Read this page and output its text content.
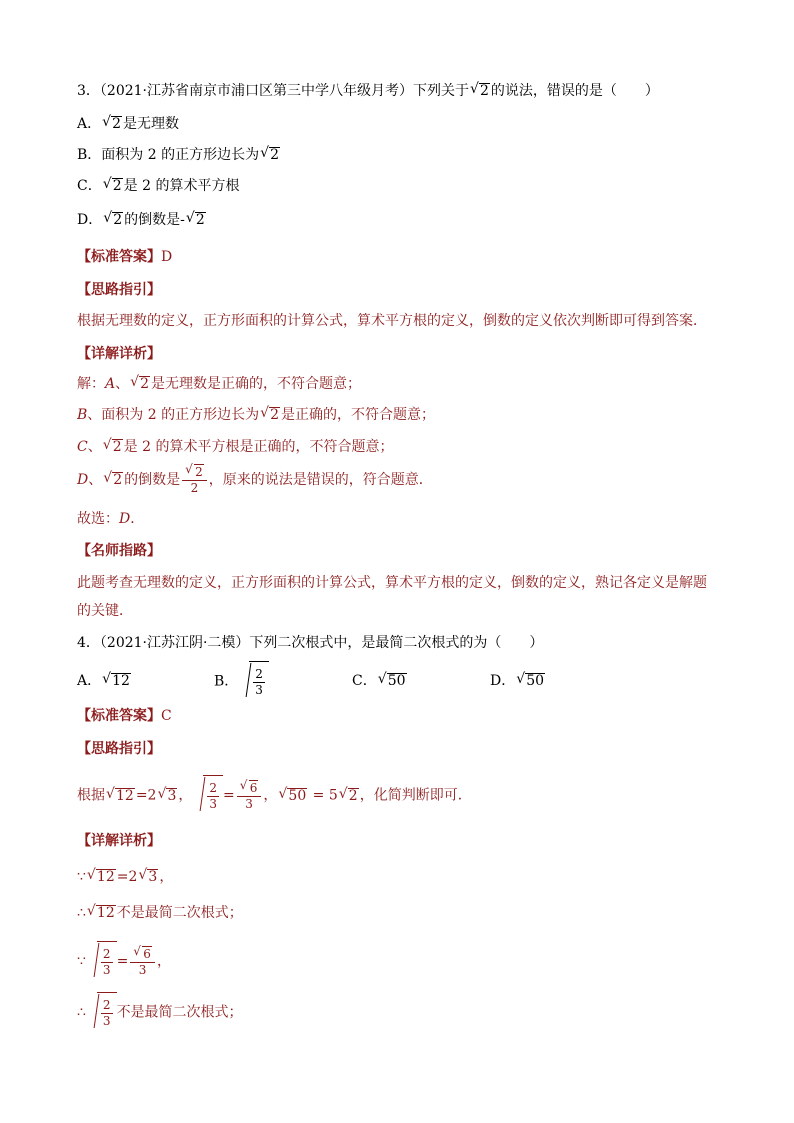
3．（2021·江苏省南京市浦口区第三中学八年级月考）下列关于 √ 2 的说法，错误的是（　　）
A． √ 2 是无理数
B．面积为 2 的正方形边长为 √ 2
C． √ 2 是 2 的算术平方根
D． √ 2 的倒数是- √ 2
【标准答案】D
【思路指引】
根据无理数的定义，正方形面积的计算公式，算术平方根的定义，倒数的定义依次判断即可得到答案．
【详解详析】
解：A、 √ 2 是无理数是正确的，不符合题意；
B、面积为 2 的正方形边长为 √ 2 是正确的，不符合题意；
C、 √ 2 是 2 的算术平方根是正确的，不符合题意；
D、 √ 2 的倒数是 √ $\frac{2}{2}$ ，原来的说法是错误的，符合题意．
故选：D．
【名师指路】
此题考查无理数的定义，正方形面积的计算公式，算术平方根的定义，倒数的定义，熟记各定义是解题
的关键．
4．（2021·江苏江阴·二模）下列二次根式中，是最简二次根式的为（　　）
A． √ 12	B． $\frac{2}{3}$	C． √ 50	D． √ 50
【标准答案】C
【思路指引】
根据 √ 12 =2 √ 3 ， $\frac{2}{3}$ = √ $\frac{6}{3}$ ， √ 50 = 5 √ 2 ，化简判断即可．
【详解详析】
∵ √ 12 =2 √ 3 ，
∴ √ 12 不是最简二次根式；
∵ $\frac{2}{3}$ = √ $\frac{6}{3}$ ，
∴ $\frac{2}{3}$ 不是最简二次根式；
